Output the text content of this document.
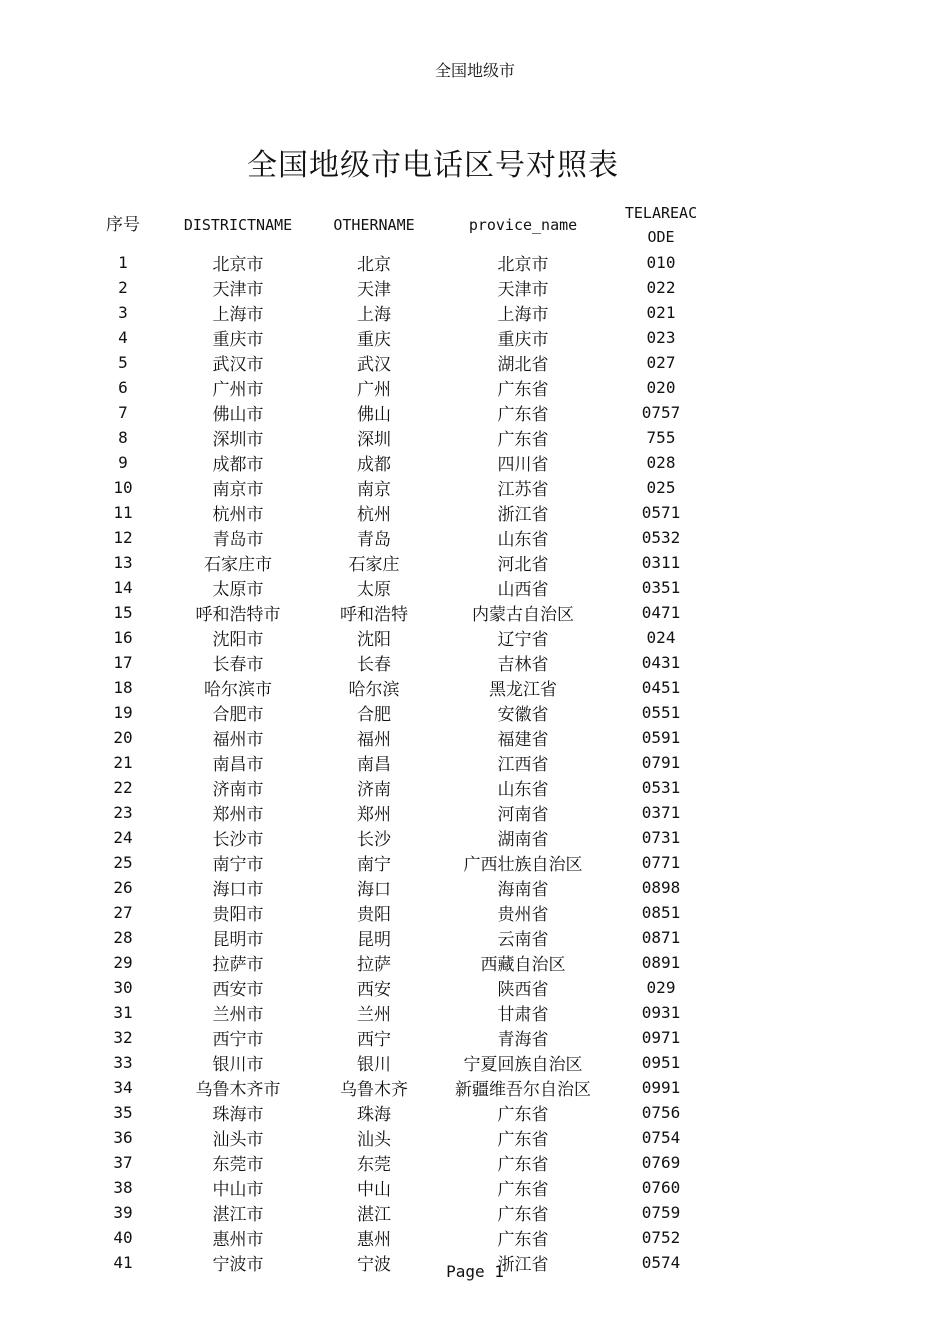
全国地级市
全国地级市电话区号对照表
序号	DISTRICTNAME	OTHERNAME	provice_name	TELAREAC ODE
1	北京市	北京	北京市	010
2	天津市	天津	天津市	022
3	上海市	上海	上海市	021
4	重庆市	重庆	重庆市	023
5	武汉市	武汉	湖北省	027
6	广州市	广州	广东省	020
7	佛山市	佛山	广东省	0757
8	深圳市	深圳	广东省	755
9	成都市	成都	四川省	028
10	南京市	南京	江苏省	025
11	杭州市	杭州	浙江省	0571
12	青岛市	青岛	山东省	0532
13	石家庄市	石家庄	河北省	0311
14	太原市	太原	山西省	0351
15	呼和浩特市	呼和浩特	内蒙古自治区	0471
16	沈阳市	沈阳	辽宁省	024
17	长春市	长春	吉林省	0431
18	哈尔滨市	哈尔滨	黑龙江省	0451
19	合肥市	合肥	安徽省	0551
20	福州市	福州	福建省	0591
21	南昌市	南昌	江西省	0791
22	济南市	济南	山东省	0531
23	郑州市	郑州	河南省	0371
24	长沙市	长沙	湖南省	0731
25	南宁市	南宁	广西壮族自治区	0771
26	海口市	海口	海南省	0898
27	贵阳市	贵阳	贵州省	0851
28	昆明市	昆明	云南省	0871
29	拉萨市	拉萨	西藏自治区	0891
30	西安市	西安	陕西省	029
31	兰州市	兰州	甘肃省	0931
32	西宁市	西宁	青海省	0971
33	银川市	银川	宁夏回族自治区	0951
34	乌鲁木齐市	乌鲁木齐	新疆维吾尔自治区	0991
35	珠海市	珠海	广东省	0756
36	汕头市	汕头	广东省	0754
37	东莞市	东莞	广东省	0769
38	中山市	中山	广东省	0760
39	湛江市	湛江	广东省	0759
40	惠州市	惠州	广东省	0752
41	宁波市	宁波	浙江省	0574
Page 1
